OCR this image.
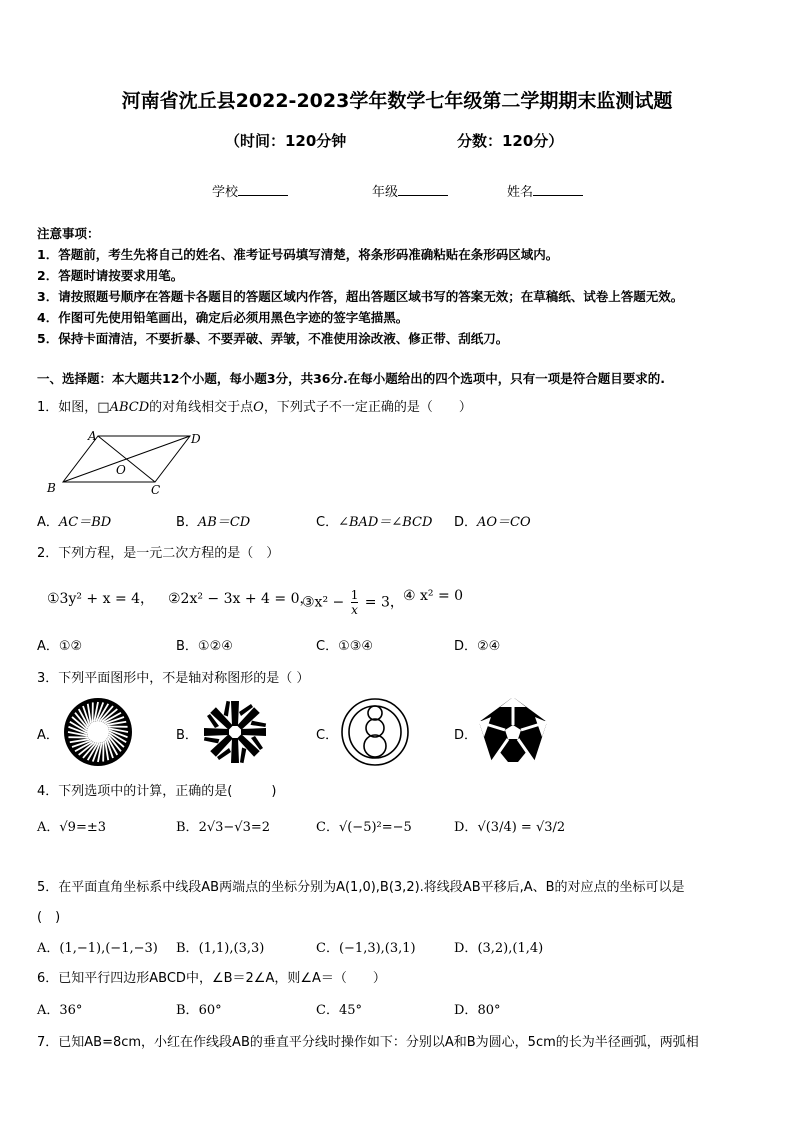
河南省沈丘县2022-2023学年数学七年级第二学期期末监测试题
（时间：120分钟	分数：120分）
学校	年级	姓名
注意事项：
1．答题前，考生先将自己的姓名、准考证号码填写清楚，将条形码准确粘贴在条形码区域内。
2．答题时请按要求用笔。
3．请按照题号顺序在答题卡各题目的答题区域内作答，超出答题区域书写的答案无效；在草稿纸、试卷上答题无效。
4．作图可先使用铅笔画出，确定后必须用黑色字迹的签字笔描黑。
5．保持卡面清洁，不要折暴、不要弄破、弄皱，不准使用涂改液、修正带、刮纸刀。
一、选择题：本大题共12个小题，每小题3分，共36分.在每小题给出的四个选项中，只有一项是符合题目要求的.
1．如图，□ABCD的对角线相交于点O，下列式子不一定正确的是（　　）
A	D
B	C
O
A．AC＝BD	B．AB＝CD	C．∠BAD＝∠BCD D．AO＝CO
2．下列方程，是一元二次方程的是（　）
①3y² + x = 4， ②2x² − 3x + 4 = 0，
③x² − $\frac{1}{x} = 3$， ④ x² = 0
A．①②	B．①②④	C．①③④	D．②④
3．下列平面图形中，不是轴对称图形的是（ ）
A．	B．	C．	D．
4．下列选项中的计算，正确的是(　　　)
A．√9=±3	B．2√3−√3=2	C．√(−5)²=−5	D．√(3/4) = √3/2
5．在平面直角坐标系中线段AB两端点的坐标分别为A(1,0),B(3,2).将线段AB平移后,A、B的对应点的坐标可以是
(　)
A．(1,−1),(−1,−3) B．(1,1),(3,3)	C．(−1,3),(3,1)	D．(3,2),(1,4)
6．已知平行四边形ABCD中，∠B＝2∠A，则∠A＝（　　）
A．36°	B．60°	C．45°	D．80°
7．已知AB=8cm，小红在作线段AB的垂直平分线时操作如下：分别以A和B为圆心，5cm的长为半径画弧，两弧相
